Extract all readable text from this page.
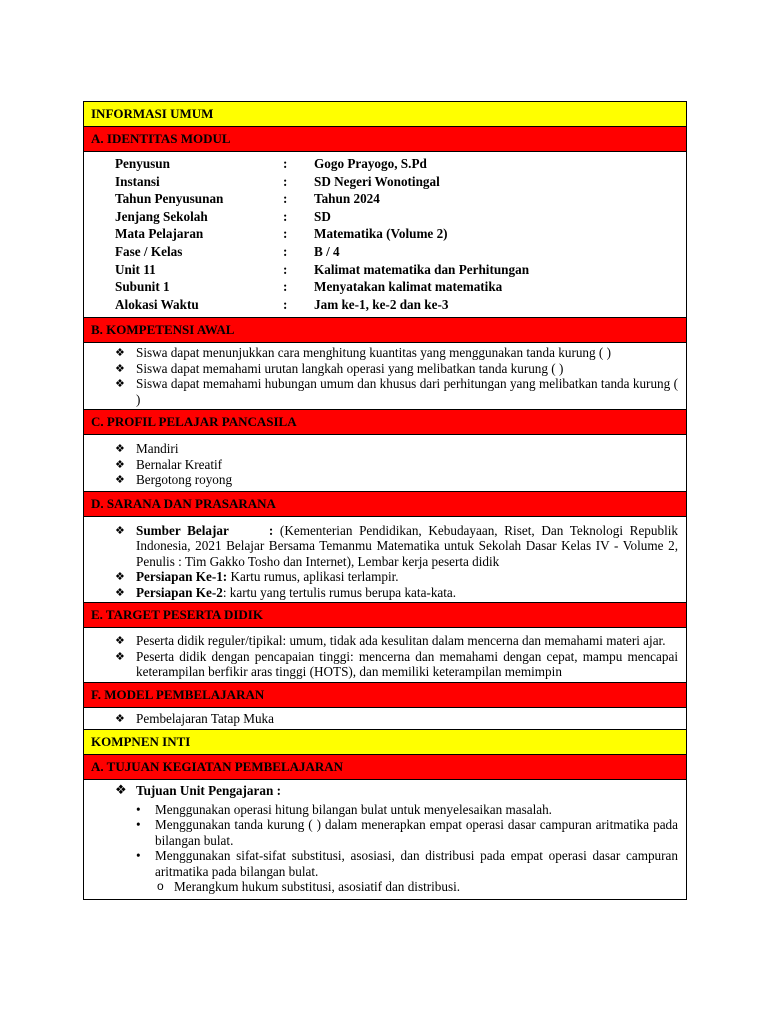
INFORMASI UMUM
A. IDENTITAS MODUL
Penyusun	:	Gogo Prayogo, S.Pd
Instansi	:	SD Negeri Wonotingal
Tahun Penyusunan	:	Tahun 2024
Jenjang Sekolah	:	SD
Mata Pelajaran	:	Matematika (Volume 2)
Fase / Kelas	:	B / 4
Unit 11	:	Kalimat matematika dan Perhitungan
Subunit 1	:	Menyatakan kalimat matematika
Alokasi Waktu	:	Jam ke-1, ke-2 dan ke-3
B. KOMPETENSI AWAL
❖ Siswa dapat menunjukkan cara menghitung kuantitas yang menggunakan tanda kurung ( )
❖ Siswa dapat memahami urutan langkah operasi yang melibatkan tanda kurung ( )
❖ Siswa dapat memahami hubungan umum dan khusus dari perhitungan yang melibatkan tanda kurung ( )
C. PROFIL PELAJAR PANCASILA
❖ Mandiri
❖ Bernalar Kreatif
❖ Bergotong royong
D. SARANA DAN PRASARANA
❖ Sumber Belajar	: (Kementerian Pendidikan, Kebudayaan, Riset, Dan Teknologi Republik Indonesia, 2021 Belajar Bersama Temanmu Matematika untuk Sekolah Dasar Kelas IV - Volume 2, Penulis : Tim Gakko Tosho dan Internet), Lembar kerja peserta didik
❖ Persiapan Ke-1: Kartu rumus, aplikasi terlampir.
❖ Persiapan Ke-2: kartu yang tertulis rumus berupa kata-kata.
E. TARGET PESERTA DIDIK
❖ Peserta didik reguler/tipikal: umum, tidak ada kesulitan dalam mencerna dan memahami materi ajar.
❖ Peserta didik dengan pencapaian tinggi: mencerna dan memahami dengan cepat, mampu mencapai keterampilan berfikir aras tinggi (HOTS), dan memiliki keterampilan memimpin
F. MODEL PEMBELAJARAN
❖ Pembelajaran Tatap Muka
KOMPNEN INTI
A. TUJUAN KEGIATAN PEMBELAJARAN
❖ Tujuan Unit Pengajaran :
•	Menggunakan operasi hitung bilangan bulat untuk menyelesaikan masalah.
•	Menggunakan tanda kurung ( ) dalam menerapkan empat operasi dasar campuran aritmatika pada bilangan bulat.
•	Menggunakan sifat-sifat substitusi, asosiasi, dan distribusi pada empat operasi dasar campuran aritmatika pada bilangan bulat.
o Merangkum hukum substitusi, asosiatif dan distribusi.
